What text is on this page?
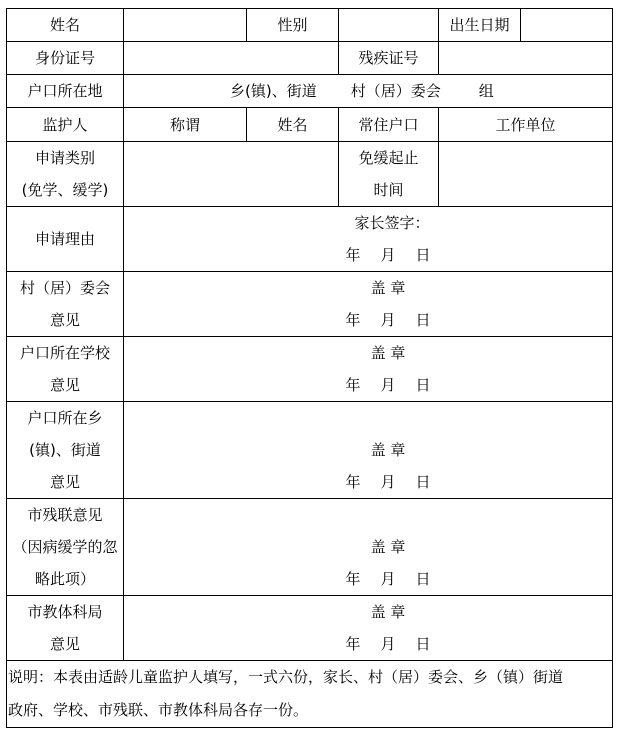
姓名		性别		出生日期	
身份证号			残疾证号		
户口所在地	乡(镇)、街道 村（居）委会 组				
监护人	称谓	姓名	常住户口	工作单位	

申请类别
(免学、缓学)			免缓起止
时间		

申请理由	家长签字：
年 月 日				

村（居）委会
意见	盖 章
年 月 日				

户口所在学校
意见	盖 章
年 月 日				

户口所在乡
(镇)、街道
意见	盖 章
年 月 日				

市残联意见
（因病缓学的忽
略此项）	盖 章
年 月 日				

市教体科局
意见	盖 章
年 月 日				

说明：本表由适龄儿童监护人填写，一式六份，家长、村（居）委会、乡（镇）街道
政府、学校、市残联、市教体科局各存一份。					
